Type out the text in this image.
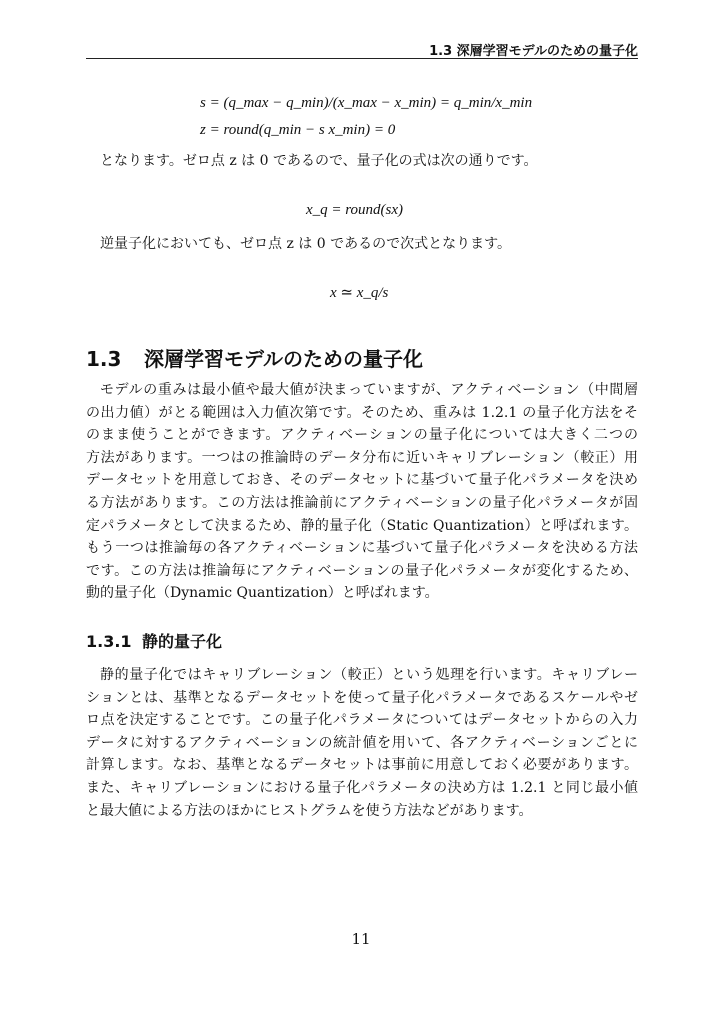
1.3 深層学習モデルのための量子化
s = (q_max − q_min)/(x_max − x_min) = q_min/x_min
z = round(q_min − s x_min) = 0
となります。ゼロ点 z は 0 であるので、量子化の式は次の通りです。
x_q = round(sx)
逆量子化においても、ゼロ点 z は 0 であるので次式となります。
x ≃ x_q/s
1.3 深層学習モデルのための量子化
モデルの重みは最小値や最大値が決まっていますが、アクティベーション（中間層
の出力値）がとる範囲は入力値次第です。そのため、重みは 1.2.1 の量子化方法をそ
のまま使うことができます。アクティベーションの量子化については大きく二つの
方法があります。一つはの推論時のデータ分布に近いキャリブレーション（較正）用
データセットを用意しておき、そのデータセットに基づいて量子化パラメータを決め
る方法があります。この方法は推論前にアクティベーションの量子化パラメータが固
定パラメータとして決まるため、静的量子化（Static Quantization）と呼ばれます。
もう一つは推論毎の各アクティベーションに基づいて量子化パラメータを決める方法
です。この方法は推論毎にアクティベーションの量子化パラメータが変化するため、
動的量子化（Dynamic Quantization）と呼ばれます。
1.3.1 静的量子化
静的量子化ではキャリブレーション（較正）という処理を行います。キャリブレー
ションとは、基準となるデータセットを使って量子化パラメータであるスケールやゼ
ロ点を決定することです。この量子化パラメータについてはデータセットからの入力
データに対するアクティベーションの統計値を用いて、各アクティベーションごとに
計算します。なお、基準となるデータセットは事前に用意しておく必要があります。
また、キャリブレーションにおける量子化パラメータの決め方は 1.2.1 と同じ最小値
と最大値による方法のほかにヒストグラムを使う方法などがあります。
11
